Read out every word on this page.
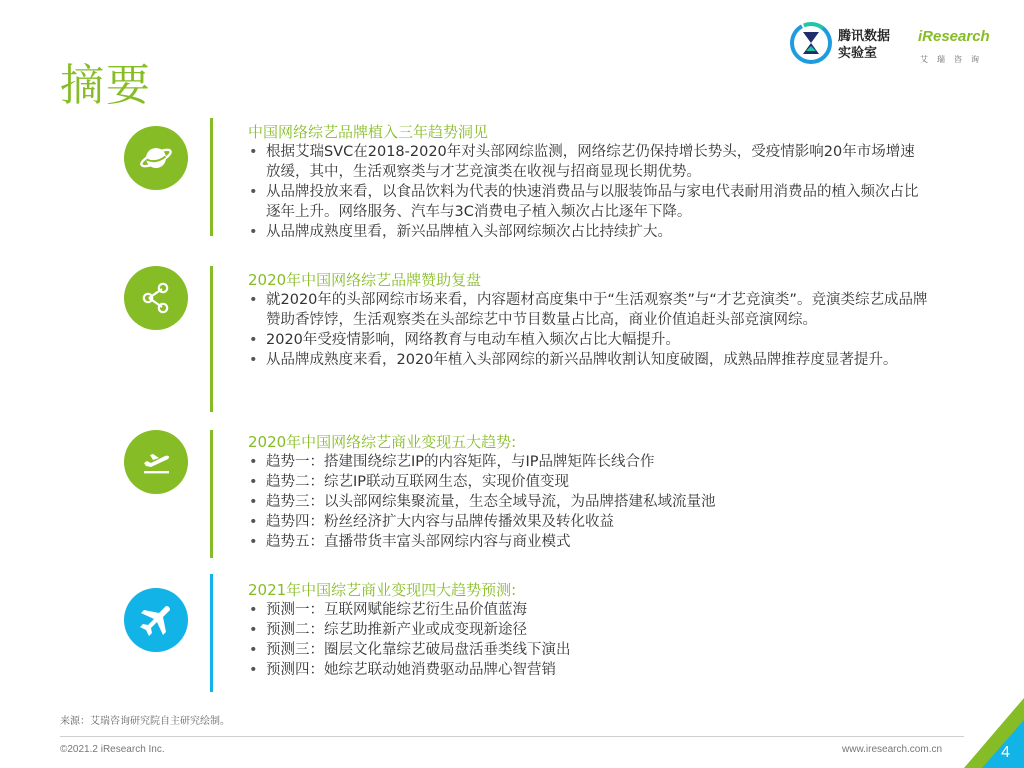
摘要
腾讯数据
实验室
iResearch
艾瑞咨询
中国网络综艺品牌植入三年趋势洞见
• 根据艾瑞SVC在2018-2020年对头部网综监测，网络综艺仍保持增长势头，受疫情影响20年市场增速放缓，其中，生活观察类与才艺竞演类在收视与招商显现长期优势。
• 从品牌投放来看，以食品饮料为代表的快速消费品与以服装饰品与家电代表耐用消费品的植入频次占比逐年上升。网络服务、汽车与3C消费电子植入频次占比逐年下降。
• 从品牌成熟度里看，新兴品牌植入头部网综频次占比持续扩大。
2020年中国网络综艺品牌赞助复盘
• 就2020年的头部网综市场来看，内容题材高度集中于“生活观察类”与“才艺竞演类”。竞演类综艺成品牌赞助香饽饽，生活观察类在头部综艺中节目数量占比高，商业价值追赶头部竞演网综。
• 2020年受疫情影响，网络教育与电动车植入频次占比大幅提升。
• 从品牌成熟度来看，2020年植入头部网综的新兴品牌收割认知度破圈，成熟品牌推荐度显著提升。
2020年中国网络综艺商业变现五大趋势:
• 趋势一：搭建围绕综艺IP的内容矩阵，与IP品牌矩阵长线合作
• 趋势二：综艺IP联动互联网生态，实现价值变现
• 趋势三：以头部网综集聚流量，生态全域导流，为品牌搭建私域流量池
• 趋势四：粉丝经济扩大内容与品牌传播效果及转化收益
• 趋势五：直播带货丰富头部网综内容与商业模式
2021年中国综艺商业变现四大趋势预测:
• 预测一：互联网赋能综艺衍生品价值蓝海
• 预测二：综艺助推新产业或成变现新途径
• 预测三：圈层文化靠综艺破局盘活垂类线下演出
• 预测四：她综艺联动她消费驱动品牌心智营销
来源：艾瑞咨询研究院自主研究绘制。
©2021.2 iResearch Inc.	www.iresearch.com.cn	4
